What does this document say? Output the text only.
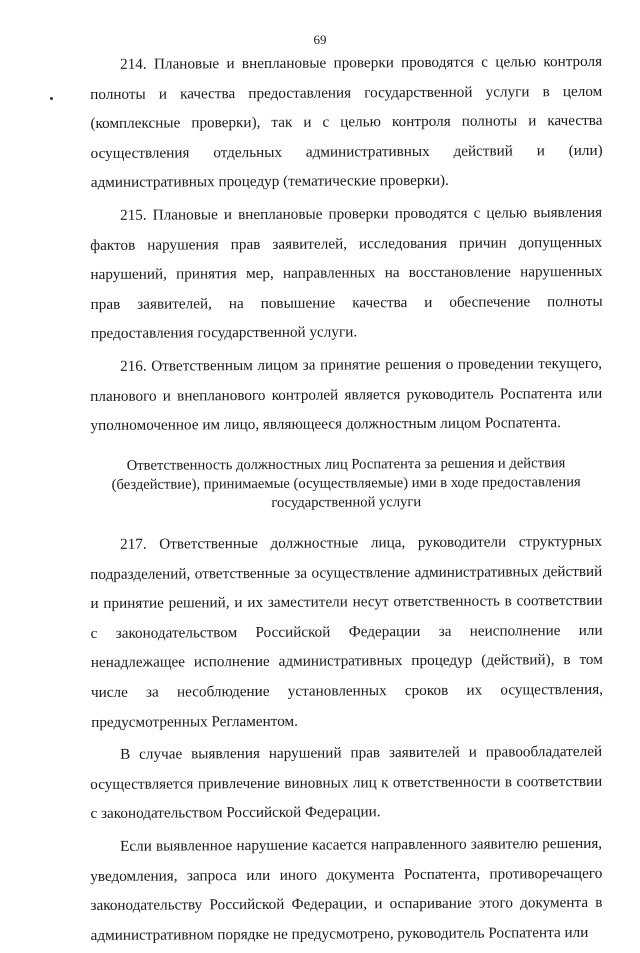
69

214. Плановые и внеплановые проверки проводятся с целью контроля полноты и качества предоставления государственной услуги в целом (комплексные проверки), так и с целью контроля полноты и качества осуществления отдельных административных действий и (или) административных процедур (тематические проверки).

215. Плановые и внеплановые проверки проводятся с целью выявления фактов нарушения прав заявителей, исследования причин допущенных нарушений, принятия мер, направленных на восстановление нарушенных прав заявителей, на повышение качества и обеспечение полноты предоставления государственной услуги.

216. Ответственным лицом за принятие решения о проведении текущего, планового и внепланового контролей является руководитель Роспатента или уполномоченное им лицо, являющееся должностным лицом Роспатента.

Ответственность должностных лиц Роспатента за решения и действия (бездействие), принимаемые (осуществляемые) ими в ходе предоставления государственной услуги

217. Ответственные должностные лица, руководители структурных подразделений, ответственные за осуществление административных действий и принятие решений, и их заместители несут ответственность в соответствии с законодательством Российской Федерации за неисполнение или ненадлежащее исполнение административных процедур (действий), в том числе за несоблюдение установленных сроков их осуществления, предусмотренных Регламентом.

В случае выявления нарушений прав заявителей и правообладателей осуществляется привлечение виновных лиц к ответственности в соответствии с законодательством Российской Федерации.

Если выявленное нарушение касается направленного заявителю решения, уведомления, запроса или иного документа Роспатента, противоречащего законодательству Российской Федерации, и оспаривание этого документа в административном порядке не предусмотрено, руководитель Роспатента или
